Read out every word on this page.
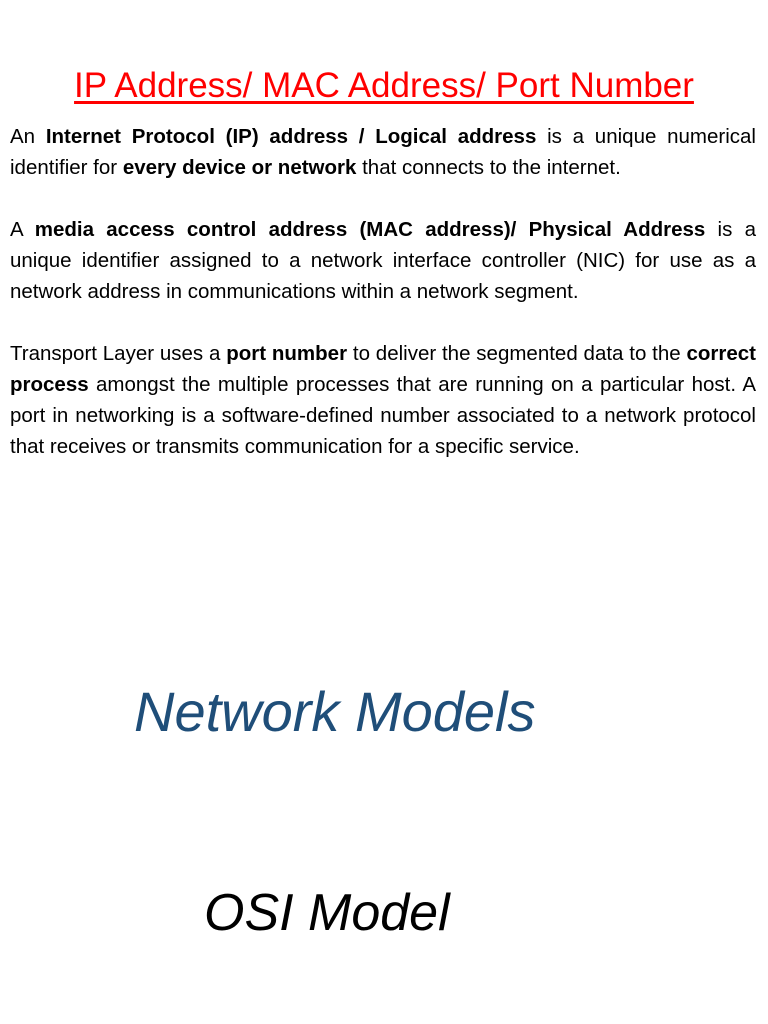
IP Address/ MAC Address/ Port Number

An Internet Protocol (IP) address / Logical address is a unique numerical identifier for every device or network that connects to the internet.

A media access control address (MAC address)/ Physical Address is a unique identifier assigned to a network interface controller (NIC) for use as a network address in communications within a network segment.

Transport Layer uses a port number to deliver the segmented data to the correct process amongst the multiple processes that are running on a particular host. A port in networking is a software-defined number associated to a network protocol that receives or transmits communication for a specific service.

Network Models
OSI Model
